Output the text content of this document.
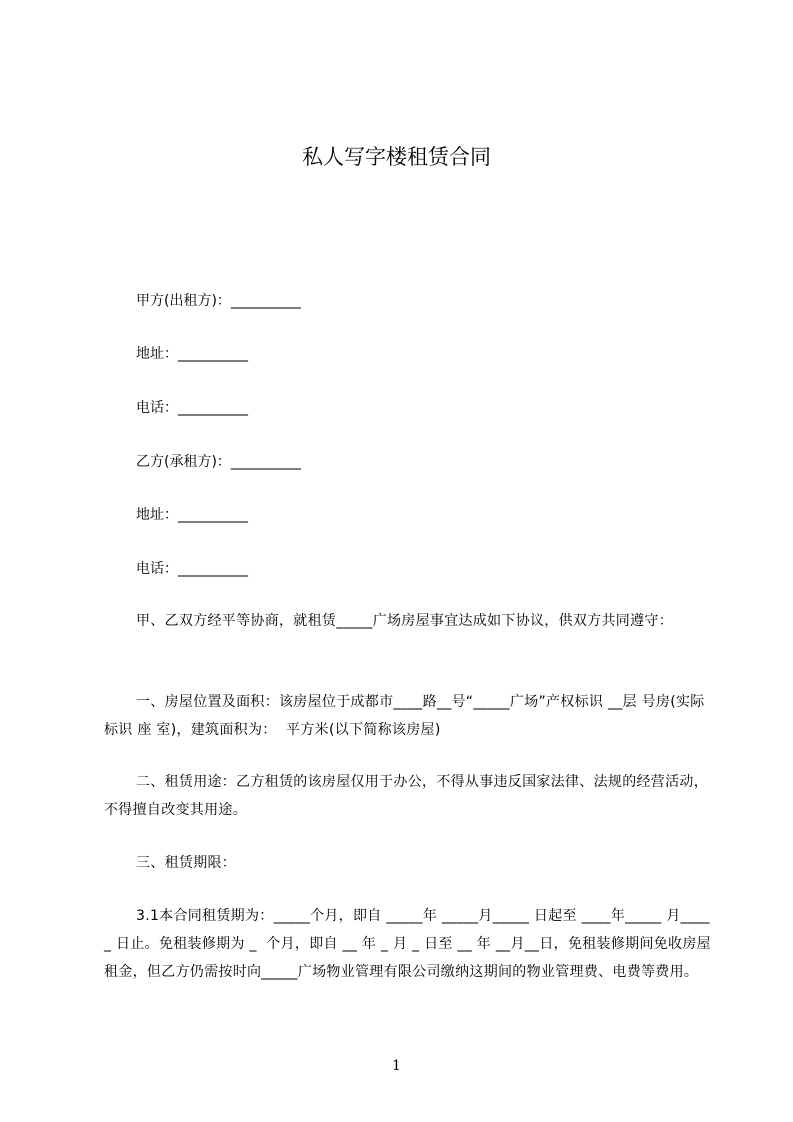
私人写字楼租赁合同
甲方(出租方)：__________
地址：__________
电话：__________
乙方(承租方)：__________
地址：__________
电话：__________
甲、乙双方经平等协商，就租赁_____广场房屋事宜达成如下协议，供双方共同遵守：
一、房屋位置及面积：该房屋位于成都市____路__号“_____广场”产权标识 __层 号房(实际标识 座 室)，建筑面积为：  平方米(以下简称该房屋)
二、租赁用途：乙方租赁的该房屋仅用于办公，不得从事违反国家法律、法规的经营活动，不得擅自改变其用途。
三、租赁期限：
3.1本合同租赁期为：_____个月，即自 _____年 _____月_____ 日起至 ____年_____ 月_____ 日止。免租装修期为 _  个月，即自 __ 年 _ 月 _ 日至 __ 年 __月__日，免租装修期间免收房屋租金，但乙方仍需按时向_____广场物业管理有限公司缴纳这期间的物业管理费、电费等费用。
1
